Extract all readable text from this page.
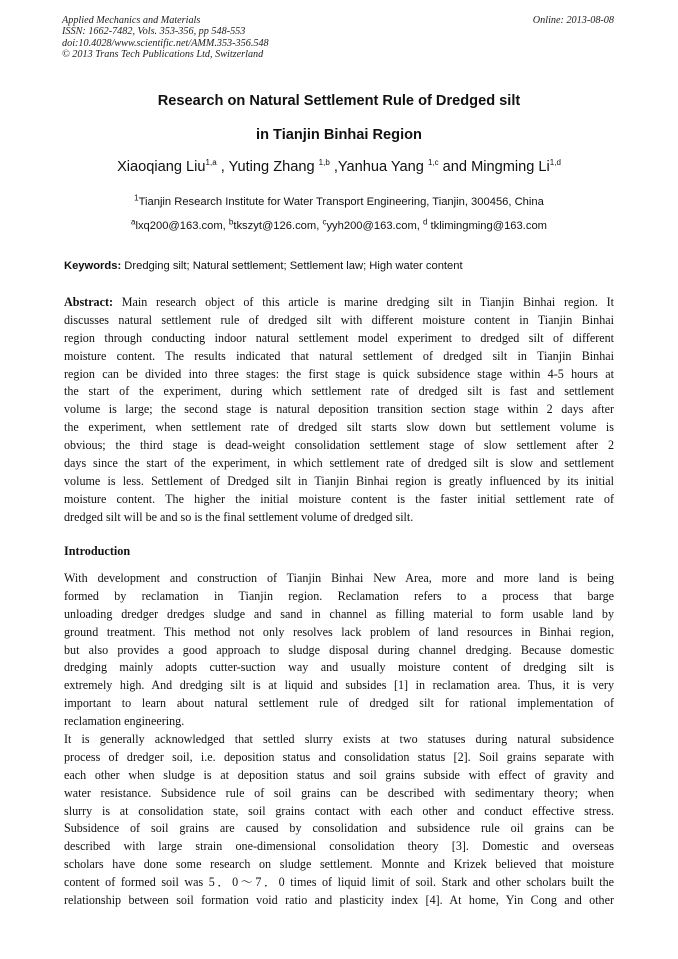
Applied Mechanics and Materials
ISSN: 1662-7482, Vols. 353-356, pp 548-553
doi:10.4028/www.scientific.net/AMM.353-356.548
© 2013 Trans Tech Publications Ltd, Switzerland
Online: 2013-08-08
Research on Natural Settlement Rule of Dredged silt
in Tianjin Binhai Region
Xiaoqiang Liu$^{1,a}$ , Yuting Zhang $^{1,b}$ ,Yanhua Yang $^{1,c}$ and Mingming Li$^{1,d}$
$^1$Tianjin Research Institute for Water Transport Engineering, Tianjin, 300456, China
$^a$lxq200@163.com, $^b$tkszyt@126.com, $^c$yyh200@163.com, $^d$ tklimingming@163.com
Keywords: Dredging silt; Natural settlement; Settlement law; High water content
Abstract: Main research object of this article is marine dredging silt in Tianjin Binhai region. It
discusses natural settlement rule of dredged silt with different moisture content in Tianjin Binhai
region through conducting indoor natural settlement model experiment to dredged silt of different
moisture content. The results indicated that natural settlement of dredged silt in Tianjin Binhai
region can be divided into three stages: the first stage is quick subsidence stage within 4-5 hours at
the start of the experiment, during which settlement rate of dredged silt is fast and settlement
volume is large; the second stage is natural deposition transition section stage within 2 days after
the experiment, when settlement rate of dredged silt starts slow down but settlement volume is
obvious; the third stage is dead-weight consolidation settlement stage of slow settlement after 2
days since the start of the experiment, in which settlement rate of dredged silt is slow and settlement
volume is less. Settlement of Dredged silt in Tianjin Binhai region is greatly influenced by its initial
moisture content. The higher the initial moisture content is the faster initial settlement rate of
dredged silt will be and so is the final settlement volume of dredged silt.
Introduction
With development and construction of Tianjin Binhai New Area, more and more land is being
formed by reclamation in Tianjin region. Reclamation refers to a process that barge
unloading dredger dredges sludge and sand in channel as filling material to form usable land by
ground treatment. This method not only resolves lack problem of land resources in Binhai region,
but also provides a good approach to sludge disposal during channel dredging. Because domestic
dredging mainly adopts cutter-suction way and usually moisture content of dredging silt is
extremely high. And dredging silt is at liquid and subsides [1] in reclamation area. Thus, it is very
important to learn about natural settlement rule of dredged silt for rational implementation of
reclamation engineering.
It is generally acknowledged that settled slurry exists at two statuses during natural subsidence
process of dredger soil, i.e. deposition status and consolidation status [2]. Soil grains separate with
each other when sludge is at deposition status and soil grains subside with effect of gravity and
water resistance. Subsidence rule of soil grains can be described with sedimentary theory; when
slurry is at consolidation state, soil grains contact with each other and conduct effective stress.
Subsidence of soil grains are caused by consolidation and subsidence rule oil grains can be
described with large strain one-dimensional consolidation theory [3]. Domestic and overseas
scholars have done some research on sludge settlement. Monnte and Krizek believed that moisture
content of formed soil was 5．0～7．0 times of liquid limit of soil. Stark and other scholars built the
relationship between soil formation void ratio and plasticity index [4]. At home, Yin Cong and other
